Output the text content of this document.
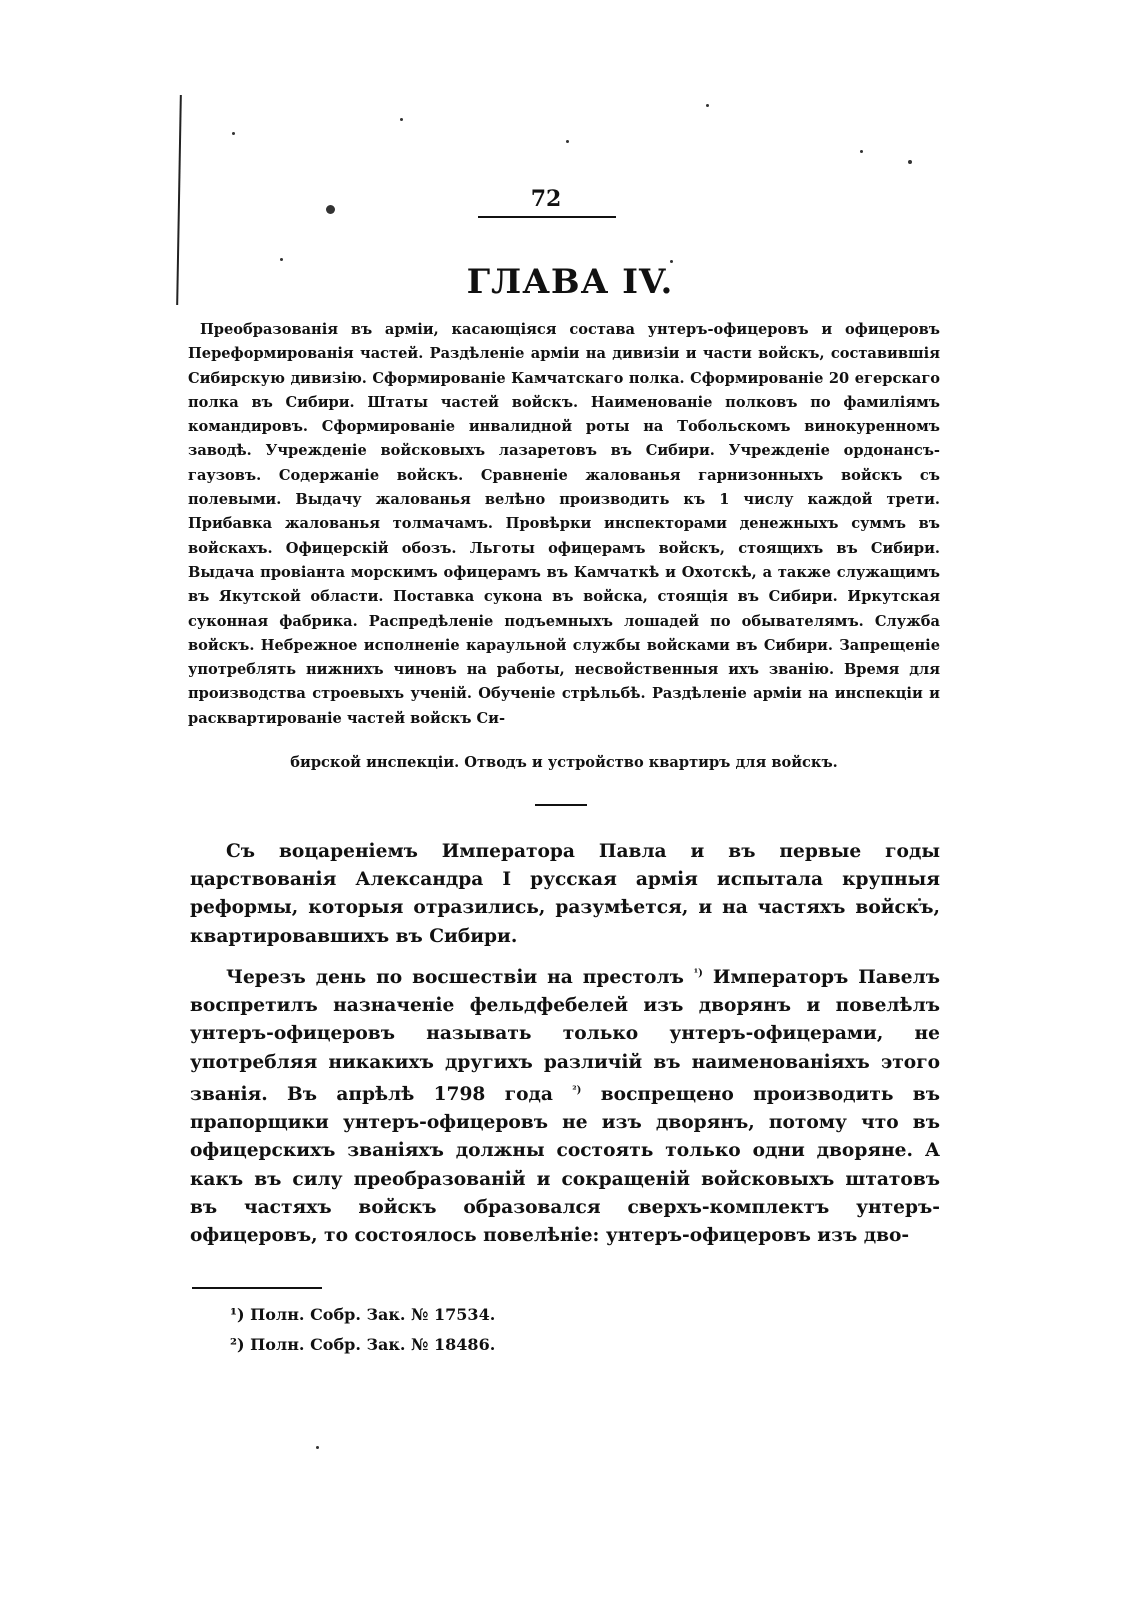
72
ГЛАВА IV.
Преобразованія въ арміи, касающіяся состава унтеръ-офицеровъ и офицеровъ Переформированія частей. Раздѣленіе арміи на дивизіи и части войскъ, составившія Сибирскую дивизію. Сформированіе Камчатскаго полка. Сформированіе 20 егерскаго полка въ Сибири. Штаты частей войскъ. Наименованіе полковъ по фамиліямъ командировъ. Сформированіе инвалидной роты на Тобольскомъ винокуренномъ заводѣ. Учрежденіе войсковыхъ лазаретовъ въ Сибири. Учрежденіе ордонансъ-гаузовъ. Содержаніе войскъ. Сравненіе жалованья гарнизонныхъ войскъ съ полевыми. Выдачу жалованья велѣно производить къ 1 числу каждой трети. Прибавка жалованья толмачамъ. Провѣрки инспекторами денежныхъ суммъ въ войскахъ. Офицерскій обозъ. Льготы офицерамъ войскъ, стоящихъ въ Сибири. Выдача провіанта морскимъ офицерамъ въ Камчаткѣ и Охотскѣ, а также служащимъ въ Якутской области. Поставка сукона въ войска, стоящія въ Сибири. Иркутская суконная фабрика. Распредѣленіе подъемныхъ лошадей по обывателямъ. Служба войскъ. Небрежное исполненіе караульной службы войсками въ Сибири. Запрещеніе употреблять нижнихъ чиновъ на работы, несвойственныя ихъ званію. Время для производства строевыхъ ученій. Обученіе стрѣльбѣ. Раздѣленіе арміи на инспекціи и расквартированіе частей войскъ Си-
бирской инспекціи. Отводъ и устройство квартиръ для войскъ.

Съ воцареніемъ Императора Павла и въ первые годы царствованія Александра I русская армія испытала крупныя реформы, которыя отразились, разумѣется, и на частяхъ войскъ, квартировавшихъ въ Сибири.

Черезъ день по восшествіи на престолъ $^{^1)}$ Императоръ Павелъ воспретилъ назначеніе фельдфебелей изъ дворянъ и повелѣлъ унтеръ-офицеровъ называть только унтеръ-офицерами, не употребляя никакихъ другихъ различій въ наименованіяхъ этого званія. Въ апрѣлѣ 1798 года $^{^2)}$ воспрещено производить въ прапорщики унтеръ-офицеровъ не изъ дворянъ, потому что въ офицерскихъ званіяхъ должны состоять только одни дворяне. А какъ въ силу преобразованій и сокращеній войсковыхъ штатовъ въ частяхъ войскъ образовался сверхъ-комплектъ унтеръ-офицеровъ, то состоялось повелѣніе: унтеръ-офицеровъ изъ дво-

¹) Полн. Собр. Зак. № 17534.
²) Полн. Собр. Зак. № 18486.
